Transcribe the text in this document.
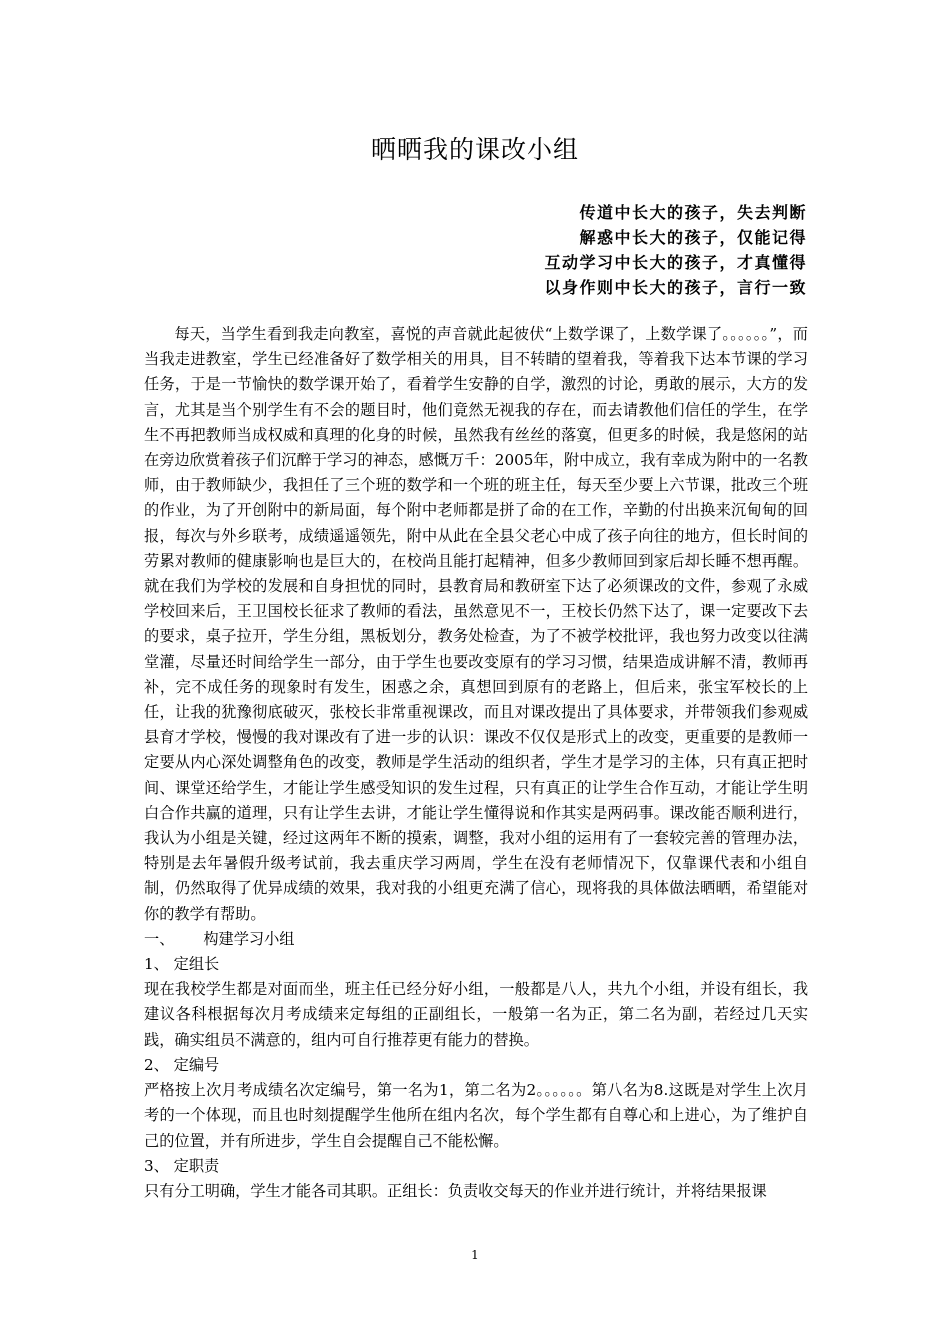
晒晒我的课改小组
传道中长大的孩子，失去判断
解惑中长大的孩子，仅能记得
互动学习中长大的孩子，才真懂得
以身作则中长大的孩子，言行一致

每天，当学生看到我走向教室，喜悦的声音就此起彼伏“上数学课了，上数学课了。。。。。。”，而当我走进教室，学生已经准备好了数学相关的用具，目不转睛的望着我，等着我下达本节课的学习任务，于是一节愉快的数学课开始了，看着学生安静的自学，激烈的讨论，勇敢的展示，大方的发言，尤其是当个别学生有不会的题目时，他们竟然无视我的存在，而去请教他们信任的学生，在学生不再把教师当成权威和真理的化身的时候，虽然我有丝丝的落寞，但更多的时候，我是悠闲的站在旁边欣赏着孩子们沉醉于学习的神态，感慨万千：2005年，附中成立，我有幸成为附中的一名教师，由于教师缺少，我担任了三个班的数学和一个班的班主任，每天至少要上六节课，批改三个班的作业，为了开创附中的新局面，每个附中老师都是拼了命的在工作，辛勤的付出换来沉甸甸的回报，每次与外乡联考，成绩遥遥领先，附中从此在全县父老心中成了孩子向往的地方，但长时间的劳累对教师的健康影响也是巨大的，在校尚且能打起精神，但多少教师回到家后却长睡不想再醒。就在我们为学校的发展和自身担忧的同时，县教育局和教研室下达了必须课改的文件，参观了永威学校回来后，王卫国校长征求了教师的看法，虽然意见不一，王校长仍然下达了，课一定要改下去的要求，桌子拉开，学生分组，黑板划分，教务处检查，为了不被学校批评，我也努力改变以往满堂灌，尽量还时间给学生一部分，由于学生也要改变原有的学习习惯，结果造成讲解不清，教师再补，完不成任务的现象时有发生，困惑之余，真想回到原有的老路上，但后来，张宝军校长的上任，让我的犹豫彻底破灭，张校长非常重视课改，而且对课改提出了具体要求，并带领我们参观威县育才学校，慢慢的我对课改有了进一步的认识：课改不仅仅是形式上的改变，更重要的是教师一定要从内心深处调整角色的改变，教师是学生活动的组织者，学生才是学习的主体，只有真正把时间、课堂还给学生，才能让学生感受知识的发生过程，只有真正的让学生合作互动，才能让学生明白合作共赢的道理，只有让学生去讲，才能让学生懂得说和作其实是两码事。课改能否顺利进行，我认为小组是关键，经过这两年不断的摸索，调整，我对小组的运用有了一套较完善的管理办法，特别是去年暑假升级考试前，我去重庆学习两周，学生在没有老师情况下，仅靠课代表和小组自制，仍然取得了优异成绩的效果，我对我的小组更充满了信心，现将我的具体做法晒晒，希望能对你的教学有帮助。

一、      构建学习小组

1、 定组长

现在我校学生都是对面而坐，班主任已经分好小组，一般都是八人，共九个小组，并设有组长，我建议各科根据每次月考成绩来定每组的正副组长，一般第一名为正，第二名为副，若经过几天实践，确实组员不满意的，组内可自行推荐更有能力的替换。

2、 定编号

严格按上次月考成绩名次定编号，第一名为1，第二名为2。。。。。。第八名为8.这既是对学生上次月考的一个体现，而且也时刻提醒学生他所在组内名次，每个学生都有自尊心和上进心，为了维护自己的位置，并有所进步，学生自会提醒自己不能松懈。

3、 定职责

只有分工明确，学生才能各司其职。正组长：负责收交每天的作业并进行统计，并将结果报课

1
